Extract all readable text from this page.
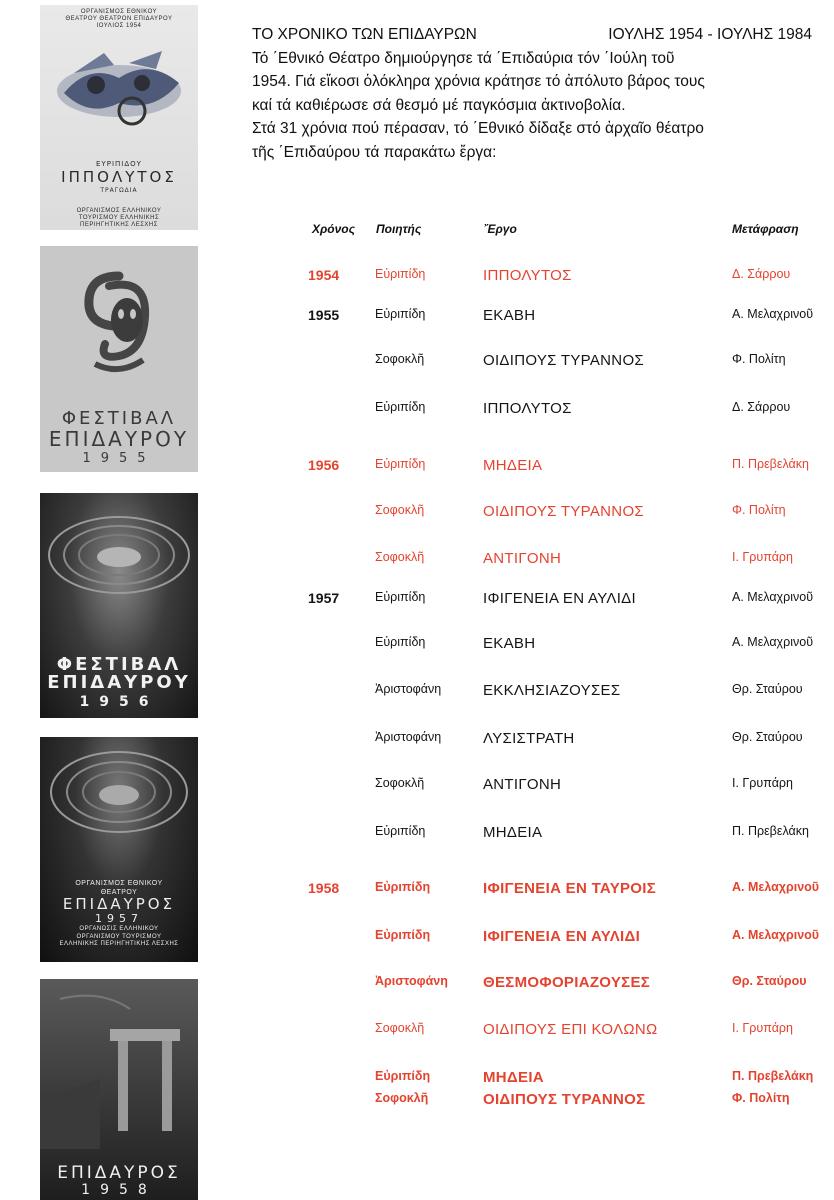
ΟΡΓΑΝΙΣΜΟΣ ΕΘΝΙΚΟΥ ΘΕΑΤΡΟΥ ΘΕΑΤΡΟΝ ΕΠΙΔΑΥΡΟΥ ΙΟΥΛΙΟΣ 1954
ΕΥΡΙΠΙΔΟΥ
ΙΠΠΟΛΥΤΟΣ
ΤΡΑΓΩΔΙΑ
ΟΡΓΑΝΙΣΜΟΣ ΕΛΛΗΝΙΚΟΥ ΤΟΥΡΙΣΜΟΥ ΕΛΛΗΝΙΚΗΣ ΠΕΡΙΗΓΗΤΙΚΗΣ ΛΕΣΧΗΣ
ΦΕΣΤΙΒΑΛ
ΕΠΙΔΑΥΡΟΥ
1955
ΦΕΣΤΙΒΑΛ
ΕΠΙΔΑΥΡΟΥ
1956
ΟΡΓΑΝΙΣΜΟΣ ΕΘΝΙΚΟΥ ΘΕΑΤΡΟΥ
ΕΠΙΔΑΥΡΟΣ
1957
ΟΡΓΑΝΩΣΙΣ ΕΛΛΗΝΙΚΟΥ ΟΡΓΑΝΙΣΜΟΥ ΤΟΥΡΙΣΜΟΥ ΕΛΛΗΝΙΚΗΣ ΠΕΡΙΗΓΗΤΙΚΗΣ ΛΕΣΧΗΣ
ΕΠΙΔΑΥΡΟΣ
1958
ΤΟ ΧΡΟΝΙΚΟ ΤΩΝ ΕΠΙΔΑΥΡΩΝ	ΙΟΥΛΗΣ 1954 - ΙΟΥΛΗΣ 1984
Τό ΄Εθνικό Θέατρο δημιούργησε τά ΄Επιδαύρια τόν ΄Ιούλη τοῦ
1954. Γιά εἴκοσι ὁλόκληρα χρόνια κράτησε τό ἀπόλυτο βάρος τους
καί τά καθιέρωσε σά θεσμό μέ παγκόσμια ἀκτινοβολία.
Στά 31 χρόνια πού πέρασαν, τό ΄Εθνικό δίδαξε στό ἀρχαῖο θέατρο
τῆς ΄Επιδαύρου τά παρακάτω ἔργα:
Χρόνος Ποιητής	Ἔργο	Μετάφραση
1954	Εὐριπίδη	ΙΠΠΟΛΥΤΟΣ	Δ. Σάρρου
1955	Εὐριπίδη	ΕΚΑΒΗ	Α. Μελαχρινοῦ
Σοφοκλῆ	ΟΙΔΙΠΟΥΣ ΤΥΡΑΝΝΟΣ	Φ. Πολίτη
Εὐριπίδη	ΙΠΠΟΛΥΤΟΣ	Δ. Σάρρου
1956	Εὐριπίδη	ΜΗΔΕΙΑ	Π. Πρεβελάκη
Σοφοκλῆ	ΟΙΔΙΠΟΥΣ ΤΥΡΑΝΝΟΣ	Φ. Πολίτη
Σοφοκλῆ	ΑΝΤΙΓΟΝΗ	Ι. Γρυπάρη
1957	Εὐριπίδη	ΙΦΙΓΕΝΕΙΑ ΕΝ ΑΥΛΙΔΙ	Α. Μελαχρινοῦ
Εὐριπίδη	ΕΚΑΒΗ	Α. Μελαχρινοῦ
Ἀριστοφάνη	ΕΚΚΛΗΣΙΑΖΟΥΣΕΣ	Θρ. Σταύρου
Ἀριστοφάνη	ΛΥΣΙΣΤΡΑΤΗ	Θρ. Σταύρου
Σοφοκλῆ	ΑΝΤΙΓΟΝΗ	Ι. Γρυπάρη
Εὐριπίδη	ΜΗΔΕΙΑ	Π. Πρεβελάκη
1958	Εὐριπίδη	ΙΦΙΓΕΝΕΙΑ ΕΝ ΤΑΥΡΟΙΣ	Α. Μελαχρινοῦ
Εὐριπίδη	ΙΦΙΓΕΝΕΙΑ ΕΝ ΑΥΛΙΔΙ	Α. Μελαχρινοῦ
Ἀριστοφάνη ΘΕΣΜΟΦΟΡΙΑΖΟΥΣΕΣ	Θρ. Σταύρου
Σοφοκλῆ	ΟΙΔΙΠΟΥΣ ΕΠΙ ΚΟΛΩΝΩ	Ι. Γρυπάρη
Εὐριπίδη	ΜΗΔΕΙΑ	Π. Πρεβελάκη
Σοφοκλῆ	ΟΙΔΙΠΟΥΣ ΤΥΡΑΝΝΟΣ	Φ. Πολίτη
